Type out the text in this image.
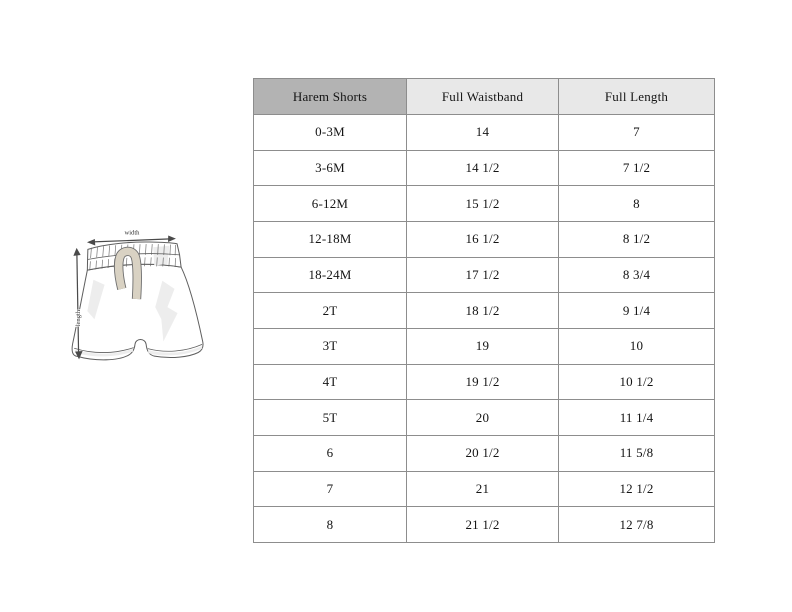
width
length
Harem Shorts	Full Waistband	Full Length
0-3M	14	7
3-6M	14 1/2	7 1/2
6-12M	15 1/2	8
12-18M	16 1/2	8 1/2
18-24M	17 1/2	8 3/4
2T	18 1/2	9 1/4
3T	19	10
4T	19 1/2	10 1/2
5T	20	11 1/4
6	20 1/2	11 5/8
7	21	12 1/2
8	21 1/2	12 7/8
